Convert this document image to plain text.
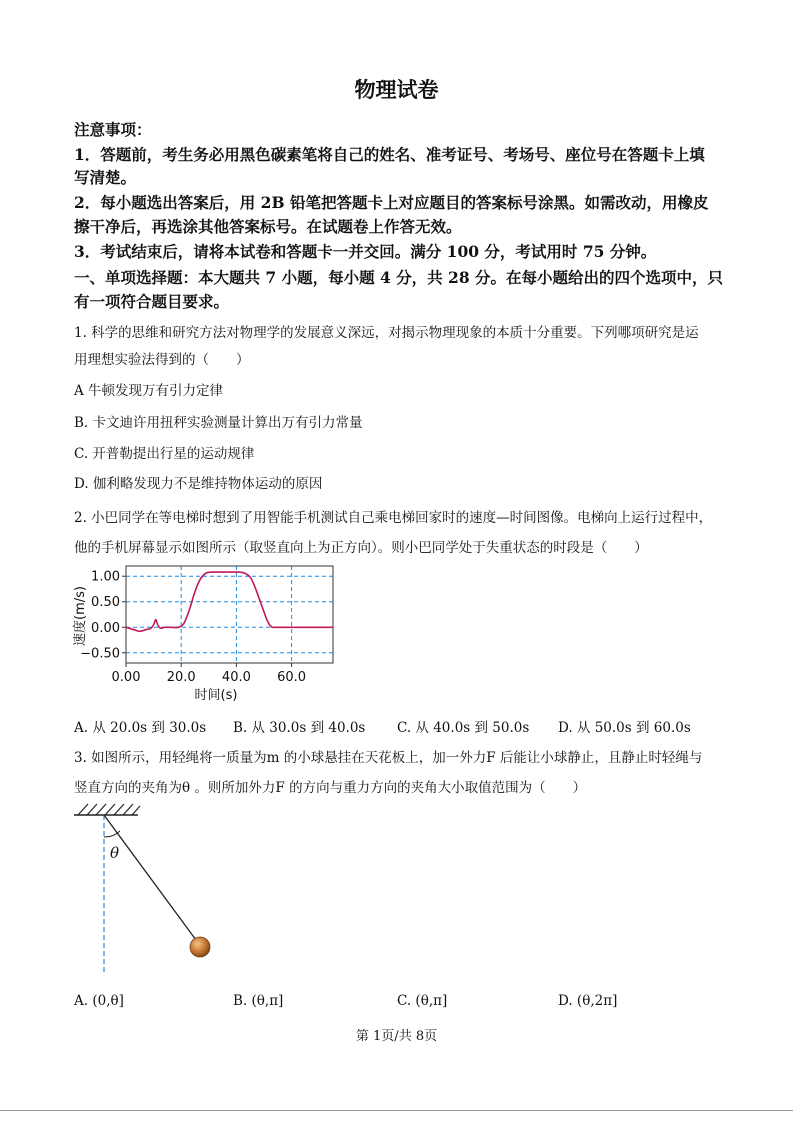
物理试卷
注意事项：
1．答题前，考生务必用黑色碳素笔将自己的姓名、准考证号、考场号、座位号在答题卡上填
写清楚。
2．每小题选出答案后，用 2B 铅笔把答题卡上对应题目的答案标号涂黑。如需改动，用橡皮
擦干净后，再选涂其他答案标号。在试题卷上作答无效。
3．考试结束后，请将本试卷和答题卡一并交回。满分 100 分，考试用时 75 分钟。
一、单项选择题：本大题共 7 小题，每小题 4 分，共 28 分。在每小题给出的四个选项中，只
有一项符合题目要求。
1. 科学的思维和研究方法对物理学的发展意义深远，对揭示物理现象的本质十分重要。下列哪项研究是运
用理想实验法得到的（　　）
A 牛顿发现万有引力定律
B. 卡文迪许用扭秤实验测量计算出万有引力常量
C. 开普勒提出行星的运动规律
D. 伽利略发现力不是维持物体运动的原因
2. 小巴同学在等电梯时想到了用智能手机测试自己乘电梯回家时的速度—时间图像。电梯向上运行过程中，
他的手机屏幕显示如图所示（取竖直向上为正方向）。则小巴同学处于失重状态的时段是（　　）
1.00
0.50
0.00
−0.50
0.00 20.0 40.0 60.0
时间(s)
速度(m/s)
A. 从 20.0s 到 30.0s B. 从 30.0s 到 40.0s C. 从 40.0s 到 50.0s D. 从 50.0s 到 60.0s
3. 如图所示，用轻绳将一质量为m 的小球悬挂在天花板上，加一外力F 后能让小球静止，且静止时轻绳与
竖直方向的夹角为θ 。则所加外力F 的方向与重力方向的夹角大小取值范围为（　　）
θ
A. (0,θ]	B. (θ,π]	C. (θ,π]	D. (θ,2π]
第 1页/共 8页
